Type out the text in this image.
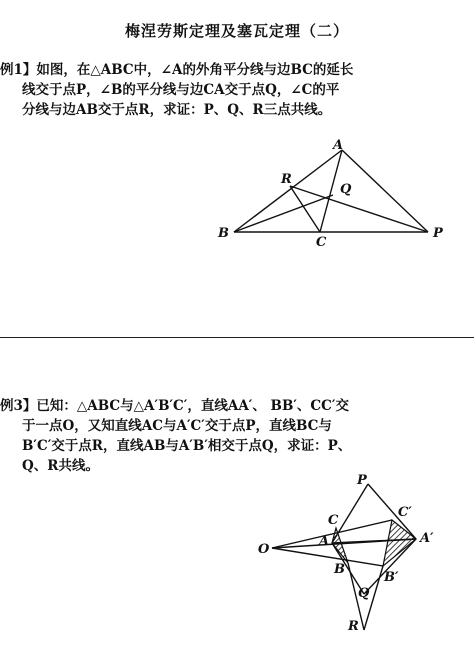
梅涅劳斯定理及塞瓦定理（二）
例1】如图，在△ABC中，∠A的外角平分线与边BC的延长
线交于点P，∠B的平分线与边CA交于点Q，∠C的平
分线与边AB交于点R，求证：P、Q、R三点共线。
A
R
Q
B
C
P
例3】已知：△ABC与△A′B′C′，直线AA′、 BB′、CC′交
于一点O，又知直线AC与A′C′交于点P，直线BC与
B′C′交于点R，直线AB与A′B′相交于点Q，求证：P、
Q、R共线。
P
C′
C
A	A′
O
B
B′
Q
R
